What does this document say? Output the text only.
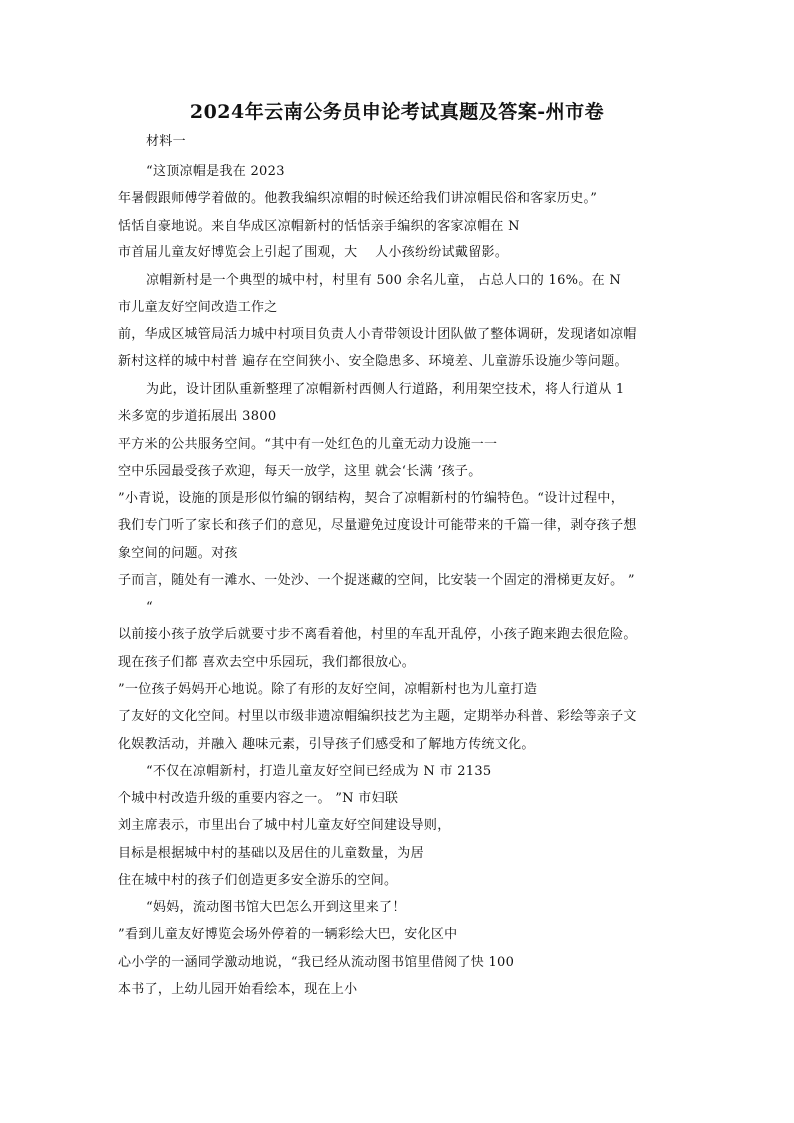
2024年云南公务员申论考试真题及答案-州市卷
材料一
“这顶凉帽是我在 2023
年暑假跟师傅学着做的。他教我编织凉帽的时候还给我们讲凉帽民俗和客家历史。”
恬恬自豪地说。来自华成区凉帽新村的恬恬亲手编织的客家凉帽在 N
市首届儿童友好博览会上引起了围观，大　 人小孩纷纷试戴留影。
凉帽新村是一个典型的城中村，村里有 500 余名儿童， 占总人口的 16%。在 N
市儿童友好空间改造工作之
前，华成区城管局活力城中村项目负责人小青带领设计团队做了整体调研，发现诸如凉帽
新村这样的城中村普 遍存在空间狭小、安全隐患多、环境差、儿童游乐设施少等问题。
为此，设计团队重新整理了凉帽新村西侧人行道路，利用架空技术，将人行道从 1
米多宽的步道拓展出 3800
平方米的公共服务空间。“其中有一处红色的儿童无动力设施一一
空中乐园最受孩子欢迎，每天一放学，这里 就会‘长满 ’孩子。
”小青说，设施的顶是形似竹编的钢结构，契合了凉帽新村的竹编特色。“设计过程中，
我们专门听了家长和孩子们的意见，尽量避免过度设计可能带来的千篇一律，剥夺孩子想
象空间的问题。对孩
子而言，随处有一滩水、一处沙、一个捉迷藏的空间，比安装一个固定的滑梯更友好。 ”
“
以前接小孩子放学后就要寸步不离看着他，村里的车乱开乱停，小孩子跑来跑去很危险。
现在孩子们都 喜欢去空中乐园玩，我们都很放心。
”一位孩子妈妈开心地说。除了有形的友好空间，凉帽新村也为儿童打造
了友好的文化空间。村里以市级非遗凉帽编织技艺为主题，定期举办科普、彩绘等亲子文
化娱教活动，并融入 趣味元素，引导孩子们感受和了解地方传统文化。
“不仅在凉帽新村，打造儿童友好空间已经成为 N 市 2135
个城中村改造升级的重要内容之一。 ”N 市妇联
刘主席表示，市里出台了城中村儿童友好空间建设导则，
目标是根据城中村的基础以及居住的儿童数量，为居
住在城中村的孩子们创造更多安全游乐的空间。
“妈妈，流动图书馆大巴怎么开到这里来了！
”看到儿童友好博览会场外停着的一辆彩绘大巴，安化区中
心小学的一涵同学激动地说，“我已经从流动图书馆里借阅了快 100
本书了，上幼儿园开始看绘本，现在上小
